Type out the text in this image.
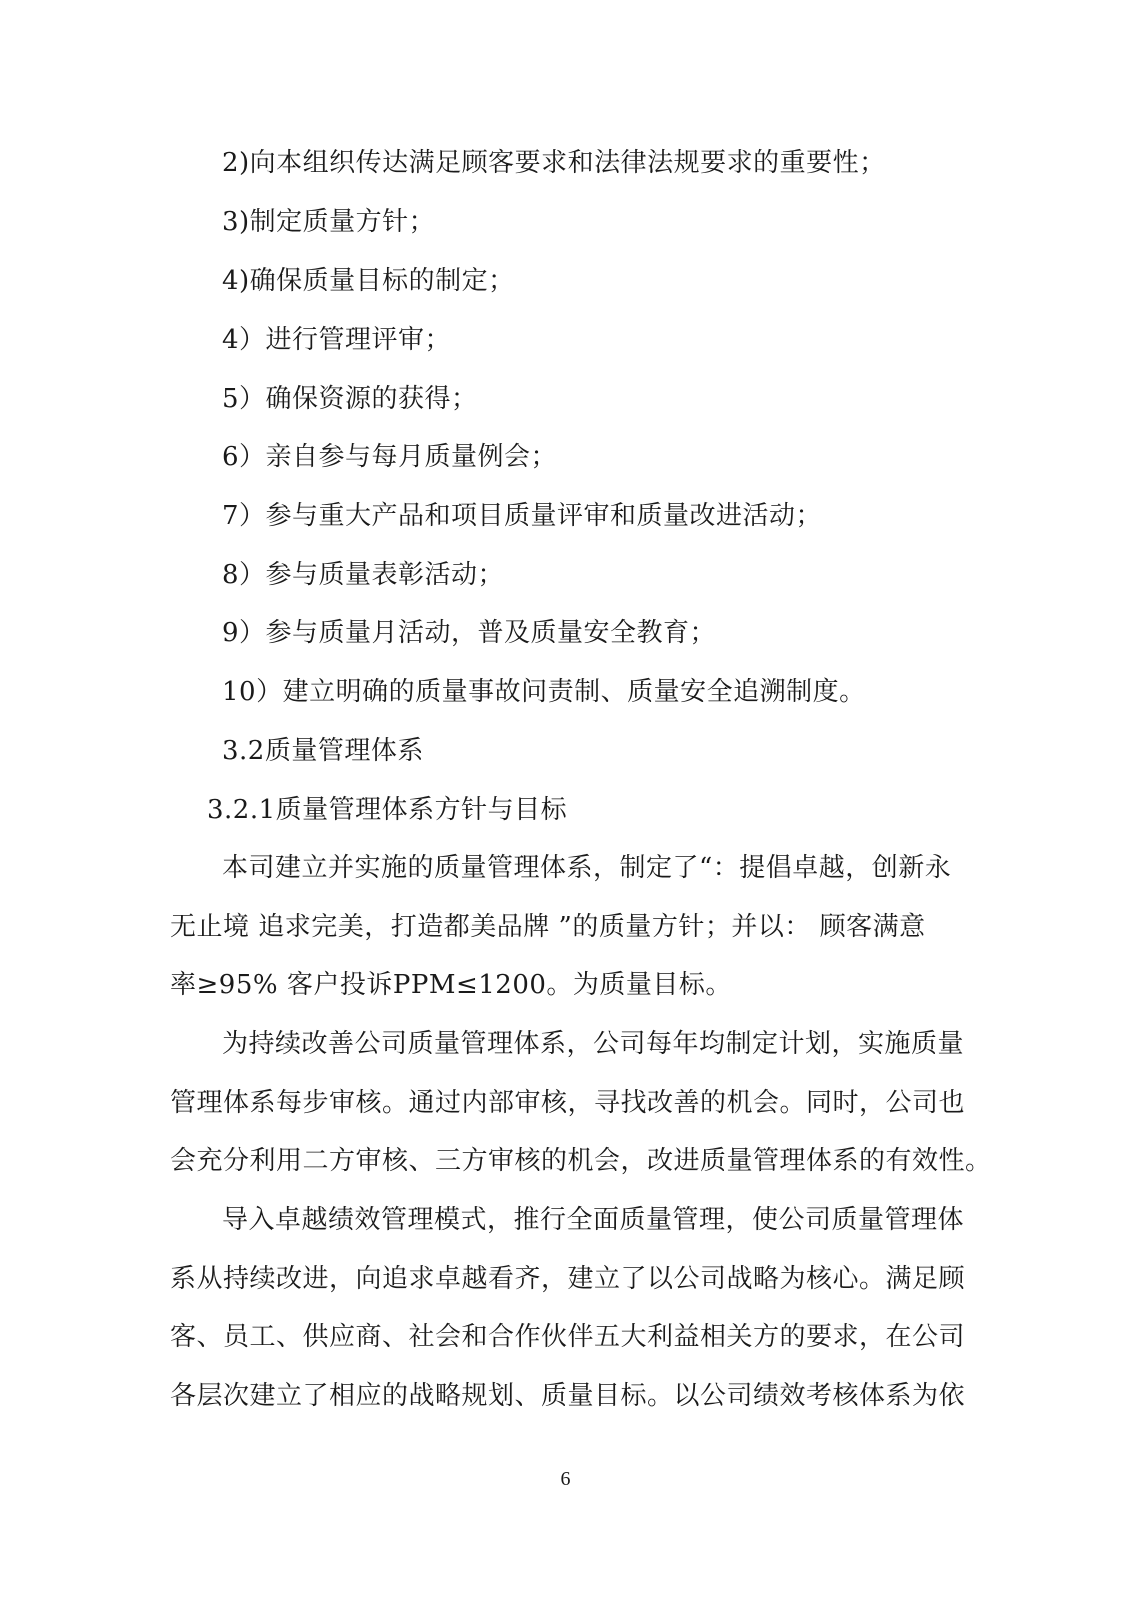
2)向本组织传达满足顾客要求和法律法规要求的重要性；
3)制定质量方针；
4)确保质量目标的制定；
4）进行管理评审；
5）确保资源的获得；
6）亲自参与每月质量例会；
7）参与重大产品和项目质量评审和质量改进活动；
8）参与质量表彰活动；
9）参与质量月活动，普及质量安全教育；
10）建立明确的质量事故问责制、质量安全追溯制度。
3.2质量管理体系
3.2.1质量管理体系方针与目标
本司建立并实施的质量管理体系，制定了“：提倡卓越，创新永
无止境 追求完美，打造都美品牌 ”的质量方针；并以： 顾客满意
率≥95% 客户投诉PPM≤1200。为质量目标。
为持续改善公司质量管理体系，公司每年均制定计划，实施质量
管理体系每步审核。通过内部审核，寻找改善的机会。同时，公司也
会充分利用二方审核、三方审核的机会，改进质量管理体系的有效性。
导入卓越绩效管理模式，推行全面质量管理，使公司质量管理体
系从持续改进，向追求卓越看齐，建立了以公司战略为核心。满足顾
客、员工、供应商、社会和合作伙伴五大利益相关方的要求，在公司
各层次建立了相应的战略规划、质量目标。以公司绩效考核体系为依
6
